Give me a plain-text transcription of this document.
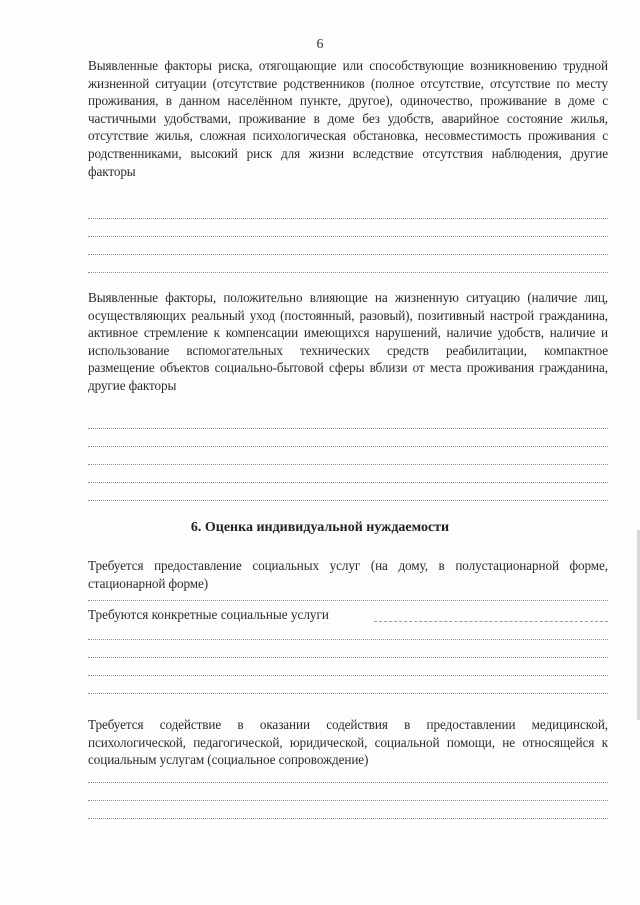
6
Выявленные факторы риска, отягощающие или способствующие возникновению трудной жизненной ситуации (отсутствие родственников (полное отсутствие, отсутствие по месту проживания, в данном населённом пункте, другое), одиночество, проживание в доме с частичными удобствами, проживание в доме без удобств, аварийное состояние жилья, отсутствие жилья, сложная психологическая обстановка, несовместимость проживания с родственниками, высокий риск для жизни вследствие отсутствия наблюдения, другие факторы
Выявленные факторы, положительно влияющие на жизненную ситуацию (наличие лиц, осуществляющих реальный уход (постоянный, разовый), позитивный настрой гражданина, активное стремление к компенсации имеющихся нарушений, наличие удобств, наличие и использование вспомогательных технических средств реабилитации, компактное размещение объектов социально-бытовой сферы вблизи от места проживания гражданина, другие факторы
6. Оценка индивидуальной нуждаемости
Требуется предоставление социальных услуг (на дому, в полустационарной форме, стационарной форме)
Требуются конкретные социальные услуги
Требуется содействие в оказании содействия в предоставлении медицинской, психологической, педагогической, юридической, социальной помощи, не относящейся к социальным услугам (социальное сопровождение)
